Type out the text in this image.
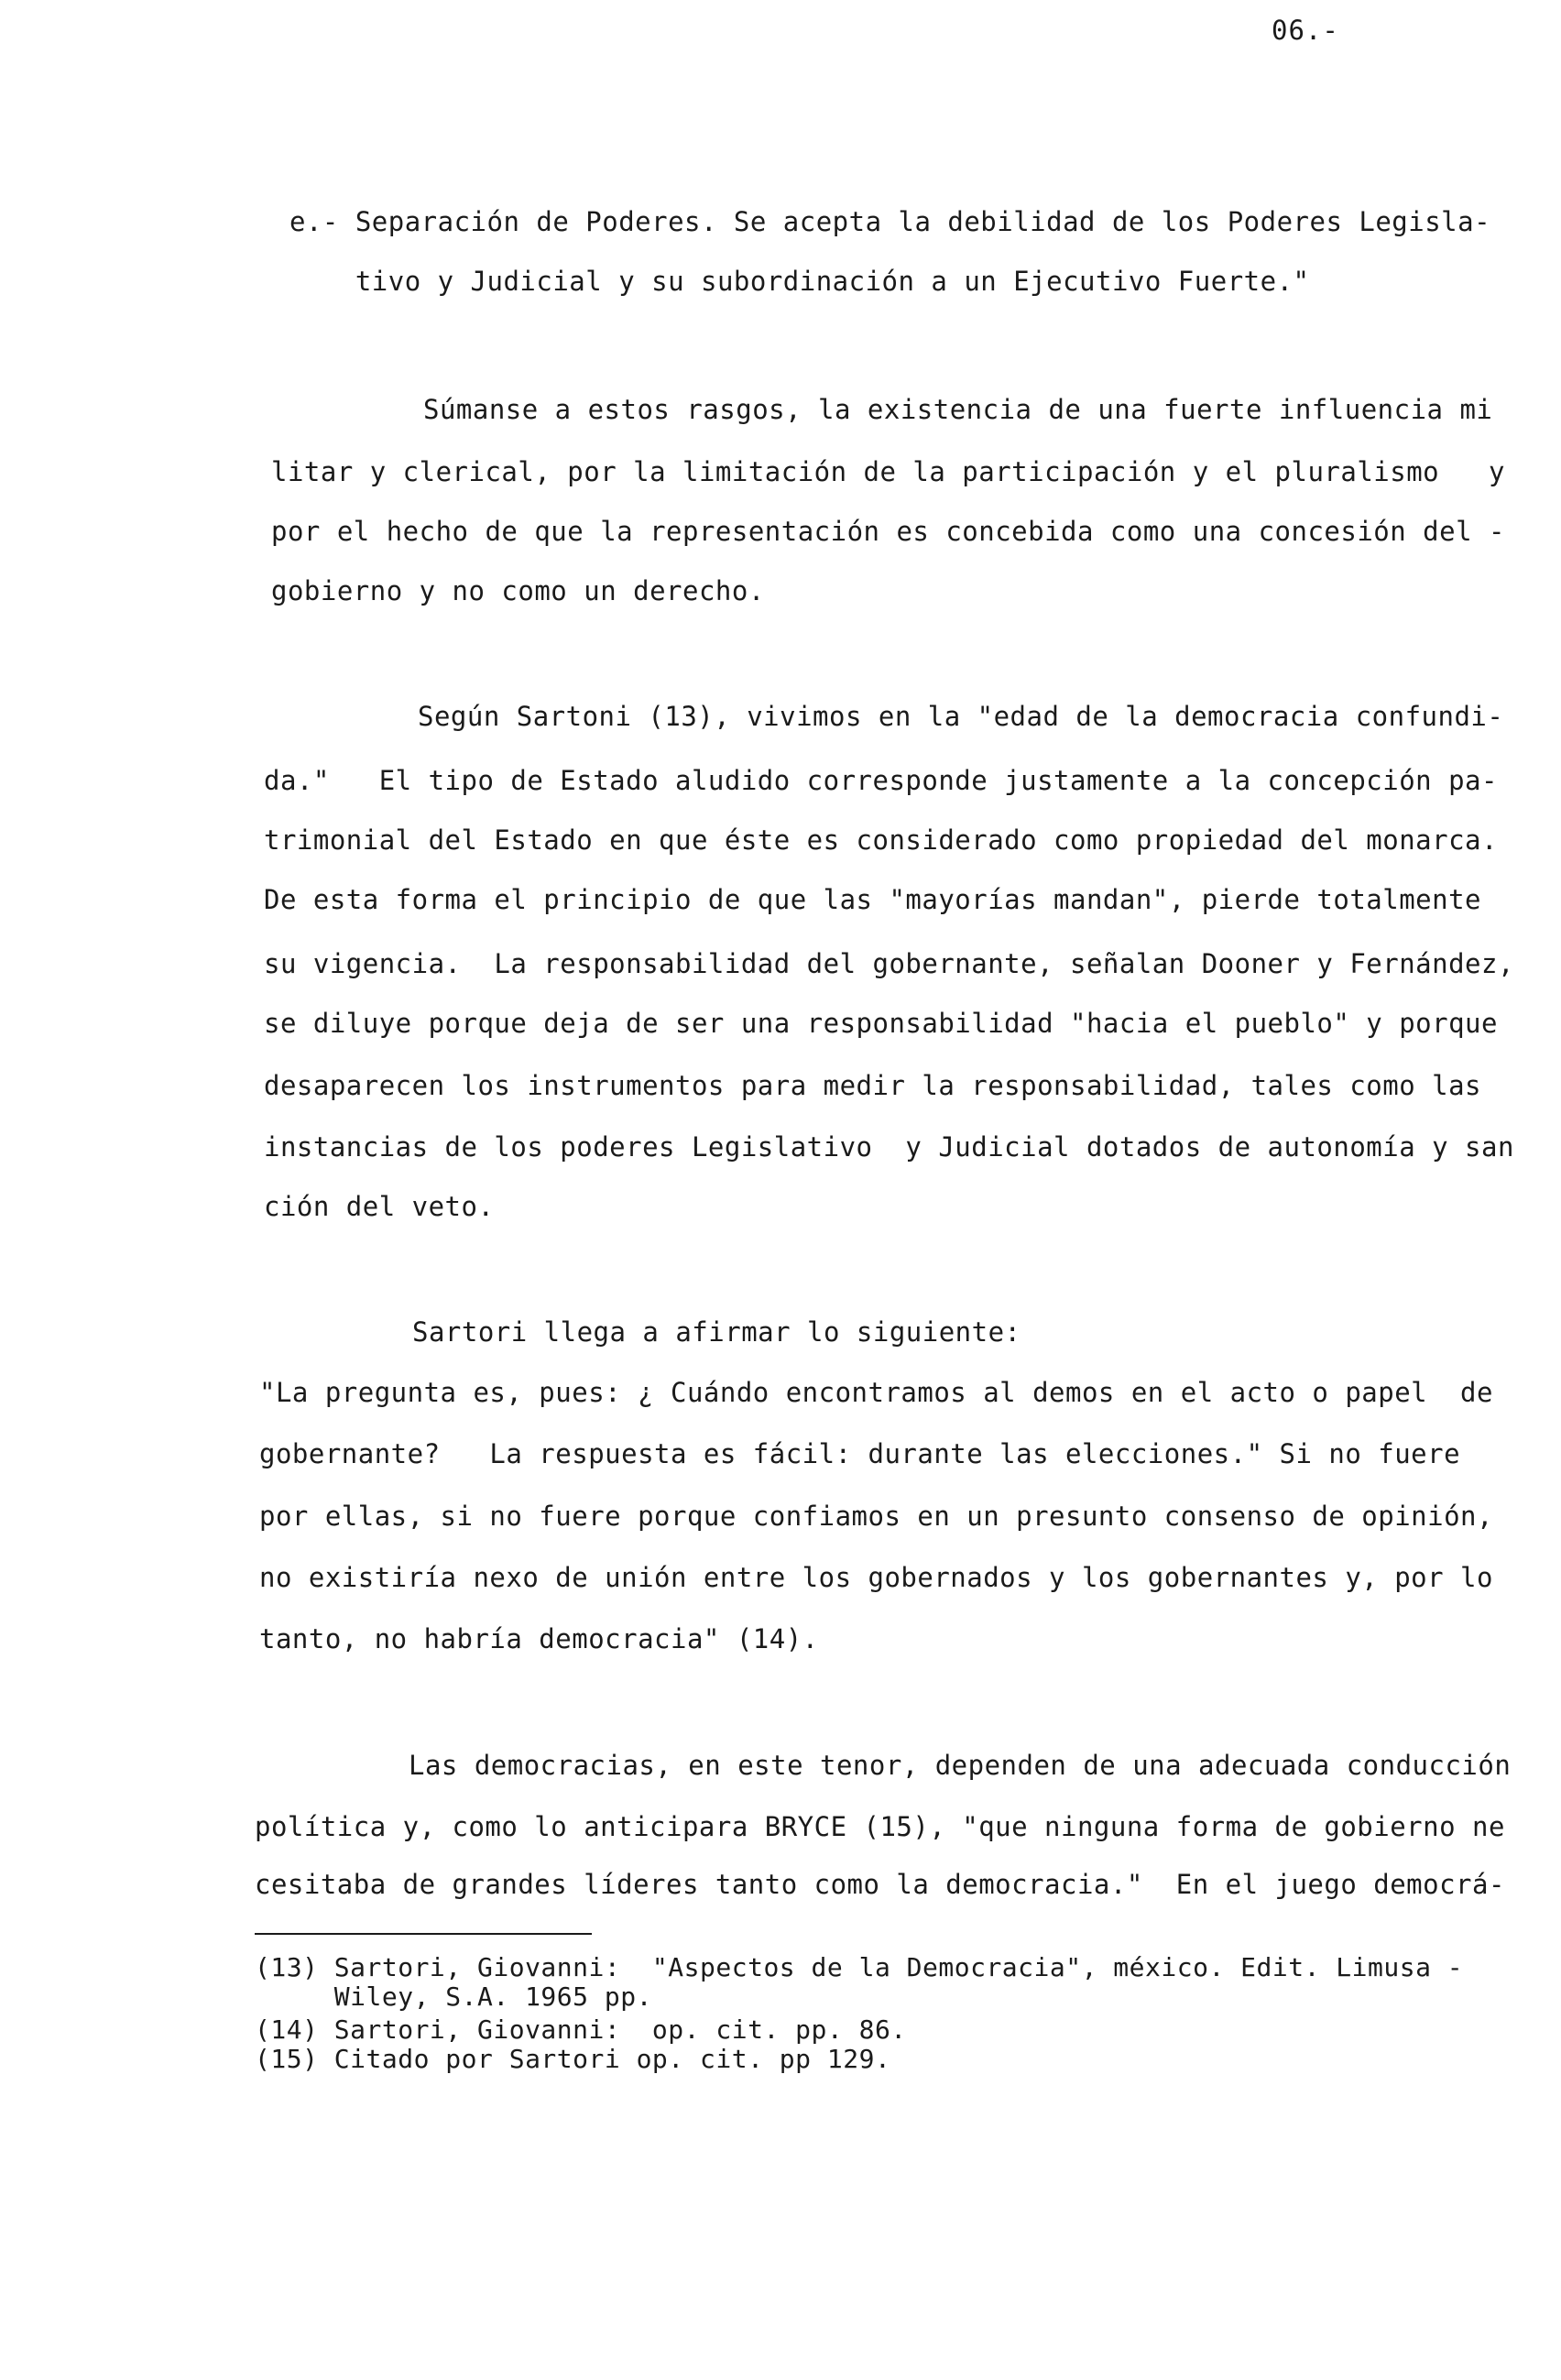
06.-
e.- Separación de Poderes. Se acepta la debilidad de los Poderes Legisla-
tivo y Judicial y su subordinación a un Ejecutivo Fuerte."
Súmanse a estos rasgos, la existencia de una fuerte influencia mi
litar y clerical, por la limitación de la participación y el pluralismo   y
por el hecho de que la representación es concebida como una concesión del -
gobierno y no como un derecho.
Según Sartoni (13), vivimos en la "edad de la democracia confundi-
da."   El tipo de Estado aludido corresponde justamente a la concepción pa-
trimonial del Estado en que éste es considerado como propiedad del monarca.
De esta forma el principio de que las "mayorías mandan", pierde totalmente
su vigencia.  La responsabilidad del gobernante, señalan Dooner y Fernández,
se diluye porque deja de ser una responsabilidad "hacia el pueblo" y porque
desaparecen los instrumentos para medir la responsabilidad, tales como las
instancias de los poderes Legislativo  y Judicial dotados de autonomía y san
ción del veto.
Sartori llega a afirmar lo siguiente:
"La pregunta es, pues: ¿ Cuándo encontramos al demos en el acto o papel  de
gobernante?   La respuesta es fácil: durante las elecciones." Si no fuere
por ellas, si no fuere porque confiamos en un presunto consenso de opinión,
no existiría nexo de unión entre los gobernados y los gobernantes y, por lo
tanto, no habría democracia" (14).
Las democracias, en este tenor, dependen de una adecuada conducción
política y, como lo anticipara BRYCE (15), "que ninguna forma de gobierno ne
cesitaba de grandes líderes tanto como la democracia."  En el juego democrá-
(13) Sartori, Giovanni:  "Aspectos de la Democracia", méxico. Edit. Limusa -
Wiley, S.A. 1965 pp.
(14) Sartori, Giovanni:  op. cit. pp. 86.
(15) Citado por Sartori op. cit. pp 129.
